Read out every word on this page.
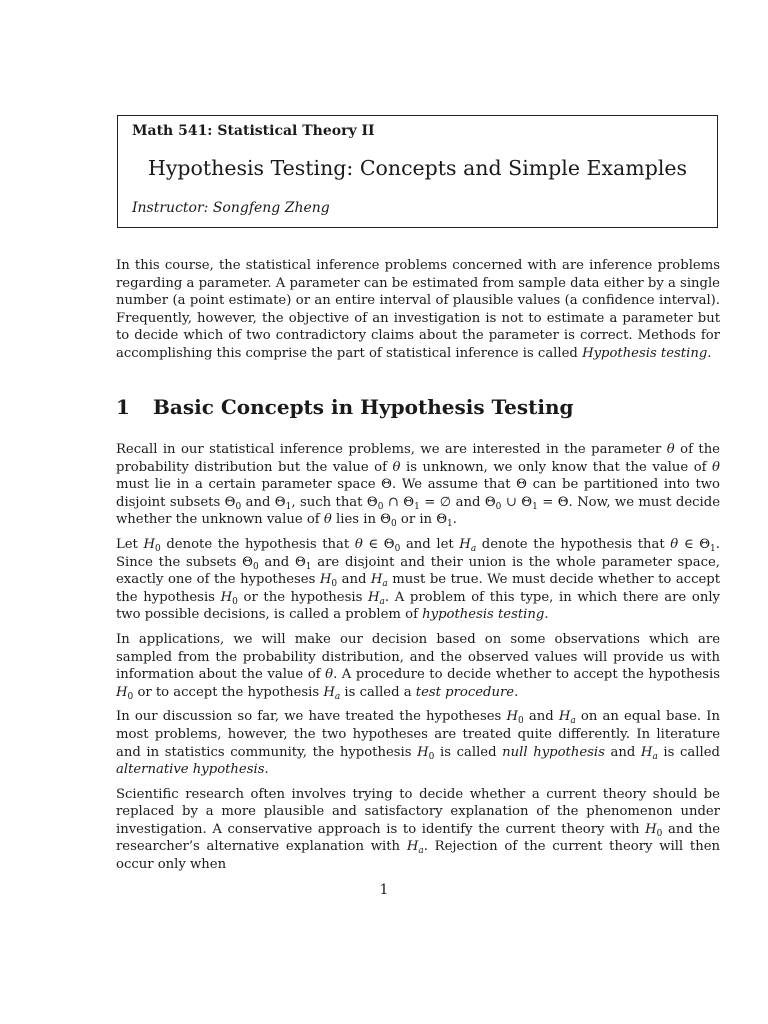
Math 541: Statistical Theory II
Hypothesis Testing: Concepts and Simple Examples
Instructor: Songfeng Zheng

In this course, the statistical inference problems concerned with are inference problems regarding a parameter. A parameter can be estimated from sample data either by a single number (a point estimate) or an entire interval of plausible values (a confidence interval). Frequently, however, the objective of an investigation is not to estimate a parameter but to decide which of two contradictory claims about the parameter is correct. Methods for accomplishing this comprise the part of statistical inference is called Hypothesis testing.

1 Basic Concepts in Hypothesis Testing

Recall in our statistical inference problems, we are interested in the parameter θ of the probability distribution but the value of θ is unknown, we only know that the value of θ must lie in a certain parameter space Θ. We assume that Θ can be partitioned into two disjoint subsets $\Theta_0$ and $\Theta_1$, such that $\Theta_0$ ∩ $\Theta_1$ = ∅ and $\Theta_0$ ∪ $\Theta_1 = \Theta$. Now, we must decide whether the unknown value of θ lies in $\Theta_0$ or in $\Theta_1$.

Let $H_0$ denote the hypothesis that θ ∈ $\Theta_0$ and let $H_a$ denote the hypothesis that θ ∈ $\Theta_1$. Since the subsets $\Theta_0$ and $\Theta_1$ are disjoint and their union is the whole parameter space, exactly one of the hypotheses $H_0$ and $H_a$ must be true. We must decide whether to accept the hypothesis $H_0$ or the hypothesis $H_a$. A problem of this type, in which there are only two possible decisions, is called a problem of hypothesis testing.

In applications, we will make our decision based on some observations which are sampled from the probability distribution, and the observed values will provide us with information about the value of θ. A procedure to decide whether to accept the hypothesis $H_0$ or to accept the hypothesis $H_a$ is called a test procedure.

In our discussion so far, we have treated the hypotheses $H_0$ and $H_a$ on an equal base. In most problems, however, the two hypotheses are treated quite differently. In literature and in statistics community, the hypothesis $H_0$ is called null hypothesis and $H_a$ is called alternative hypothesis.

Scientific research often involves trying to decide whether a current theory should be replaced by a more plausible and satisfactory explanation of the phenomenon under investigation. A conservative approach is to identify the current theory with $H_0$ and the researcher’s alternative explanation with $H_a$. Rejection of the current theory will then occur only when

1
